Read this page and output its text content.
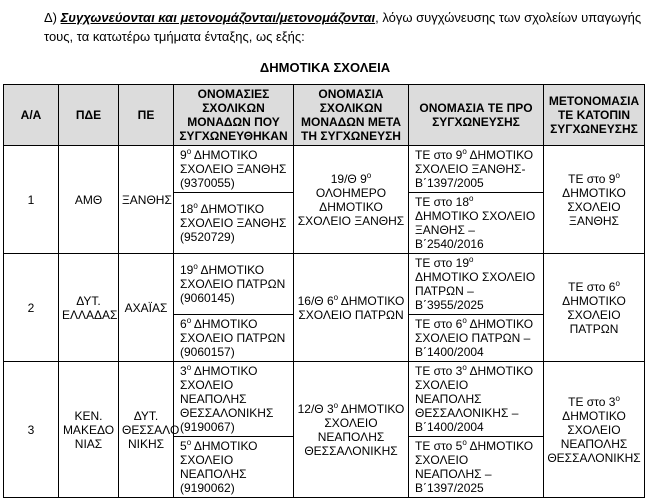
Δ) Συγχωνεύονται και μετονομάζονται/μετονομάζονται, λόγω συγχώνευσης των σχολείων υπαγωγής τους, τα κατωτέρω τμήματα ένταξης, ως εξής:
ΔΗΜΟΤΙΚΑ ΣΧΟΛΕΙΑ
Α/Α	ΠΔΕ	ΠΕ	ΟΝΟΜΑΣΙΕΣ ΣΧΟΛΙΚΩΝ ΜΟΝΑΔΩΝ ΠΟΥ ΣΥΓΧΩΝΕΥΘΗΚΑΝ	ΟΝΟΜΑΣΙΑ ΣΧΟΛΙΚΩΝ ΜΟΝΑΔΩΝ ΜΕΤΑ ΤΗ ΣΥΓΧΩΝΕΥΣΗ	ΟΝΟΜΑΣΙΑ ΤΕ ΠΡΟ ΣΥΓΧΩΝΕΥΣΗΣ	ΜΕΤΟΝΟΜΑΣΙΑ ΤΕ ΚΑΤΟΠΙΝ ΣΥΓΧΩΝΕΥΣΗΣ
1	ΑΜΘ	ΞΑΝΘΗΣ	$9^o$ ΔΗΜΟΤΙΚΟ ΣΧΟΛΕΙΟ ΞΑΝΘΗΣ (9370055)	19/Θ $9^o$ ΟΛΟΗΜΕΡΟ ΔΗΜΟΤΙΚΟ ΣΧΟΛΕΙΟ ΞΑΝΘΗΣ	ΤΕ στο $9^o$ ΔΗΜΟΤΙΚΟ ΣΧΟΛΕΙΟ ΞΑΝΘΗΣ- Β΄1397/2005	ΤΕ στο $9^o$ ΔΗΜΟΤΙΚΟ ΣΧΟΛΕΙΟ ΞΑΝΘΗΣ
			$18^o$ ΔΗΜΟΤΙΚΟ ΣΧΟΛΕΙΟ ΞΑΝΘΗΣ (9520729)		ΤΕ στο $18^o$ ΔΗΜΟΤΙΚΟ ΣΧΟΛΕΙΟ ΞΑΝΘΗΣ – Β΄2540/2016	
2	ΔΥΤ. ΕΛΛΑΔΑΣ	ΑΧΑΪΑΣ	$19^o$ ΔΗΜΟΤΙΚΟ ΣΧΟΛΕΙΟ ΠΑΤΡΩΝ (9060145)	16/Θ $6^o$ ΔΗΜΟΤΙΚΟ ΣΧΟΛΕΙΟ ΠΑΤΡΩΝ	ΤΕ στο $19^o$ ΔΗΜΟΤΙΚΟ ΣΧΟΛΕΙΟ ΠΑΤΡΩΝ – Β΄3955/2025	ΤΕ στο $6^o$ ΔΗΜΟΤΙΚΟ ΣΧΟΛΕΙΟ ΠΑΤΡΩΝ
			$6^o$ ΔΗΜΟΤΙΚΟ ΣΧΟΛΕΙΟ ΠΑΤΡΩΝ (9060157)		ΤΕ στο $6^o$ ΔΗΜΟΤΙΚΟ ΣΧΟΛΕΙΟ ΠΑΤΡΩΝ – Β΄1400/2004	
3	ΚΕΝ. ΜΑΚΕΔΟ ΝΙΑΣ	ΔΥΤ. ΘΕΣΣΑΛΟ ΝΙΚΗΣ	$3^o$ ΔΗΜΟΤΙΚΟ ΣΧΟΛΕΙΟ ΝΕΑΠΟΛΗΣ ΘΕΣΣΑΛΟΝΙΚΗΣ (9190067)	12/Θ $3^o$ ΔΗΜΟΤΙΚΟ ΣΧΟΛΕΙΟ ΝΕΑΠΟΛΗΣ ΘΕΣΣΑΛΟΝΙΚΗΣ	ΤΕ στο $3^o$ ΔΗΜΟΤΙΚΟ ΣΧΟΛΕΙΟ ΝΕΑΠΟΛΗΣ ΘΕΣΣΑΛΟΝΙΚΗΣ – Β΄1400/2004	ΤΕ στο $3^o$ ΔΗΜΟΤΙΚΟ ΣΧΟΛΕΙΟ ΝΕΑΠΟΛΗΣ ΘΕΣΣΑΛΟΝΙΚΗΣ
			$5^o$ ΔΗΜΟΤΙΚΟ ΣΧΟΛΕΙΟ ΝΕΑΠΟΛΗΣ (9190062)		ΤΕ στο $5^o$ ΔΗΜΟΤΙΚΟ ΣΧΟΛΕΙΟ ΝΕΑΠΟΛΗΣ – Β΄1397/2025	
